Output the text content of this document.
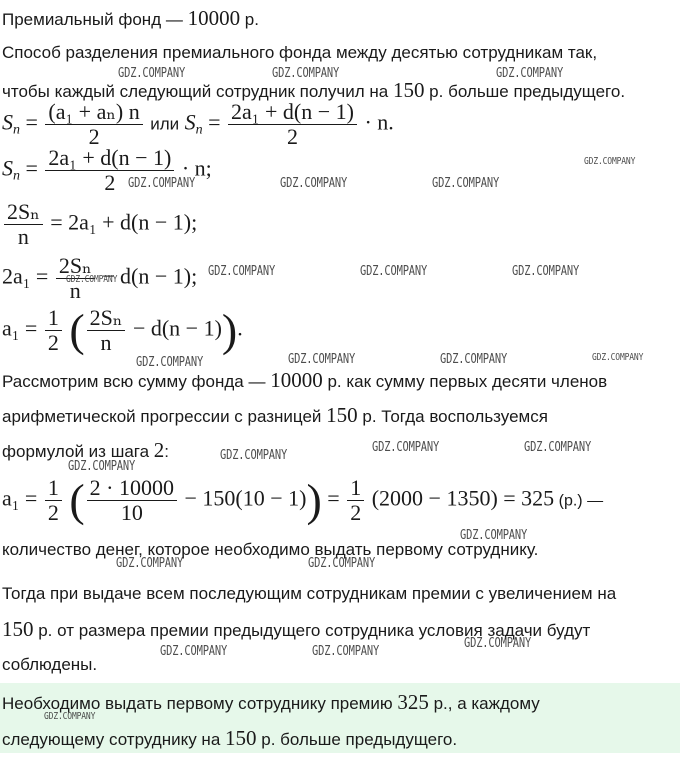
Премиальный фонд — 10000 р.
Способ разделения премиального фонда между десятью сотрудникам так,
чтобы каждый следующий сотрудник получил на 150 р. больше предыдущего.
$S_n = \frac{\text{(a₁ + aₙ) n}}{2}$ или $S_n = \frac{\text{2a₁ + d(n − 1)}}{2} \cdot n$.
$S_n = \frac{\text{2a₁ + d(n − 1)}}{2} \cdot n$;
$\frac{\text{2Sₙ}}{n} = 2a_1 + d(n - 1)$;
$2a_1 = \frac{\text{2Sₙ}}{n} - d(n - 1)$;
$a_1 = \frac{1}{2}$ ( $\frac{\text{2Sₙ}}{n} - d(n - 1)$).
Рассмотрим всю сумму фонда — 10000 р. как сумму первых десяти членов
арифметической прогрессии с разницей 150 р. Тогда воспользуемся
формулой из шага 2:
$a_1 = \frac{1}{2}$ ( $\frac{2 \cdot 10000}{10} - 150(10 - 1)) = \frac{1}{2} (2000 - 1350) = 325$ (р.) —
количество денег, которое необходимо выдать первому сотруднику.
Тогда при выдаче всем последующим сотрудникам премии с увеличением на
150 р. от размера премии предыдущего сотрудника условия задачи будут
соблюдены.
Необходимо выдать первому сотруднику премию 325 р., а каждому
следующему сотруднику на 150 р. больше предыдущего.
GDZ.COMPANY	GDZ.COMPANY	GDZ.COMPANY
GDZ.COMPANY
GDZ.COMPANY	GDZ.COMPANY	GDZ.COMPANY
GDZ.COMPANY	GDZ.COMPANY	GDZ.COMPANY
GDZ.COMPANY
GDZ.COMPANY	GDZ.COMPANY	GDZ.COMPANY	GDZ.COMPANY
GDZ.COMPANY	GDZ.COMPANY
GDZ.COMPANY
GDZ.COMPANY
GDZ.COMPANY
GDZ.COMPANY	GDZ.COMPANY
GDZ.COMPANY
GDZ.COMPANY	GDZ.COMPANY
GDZ.COMPANY
